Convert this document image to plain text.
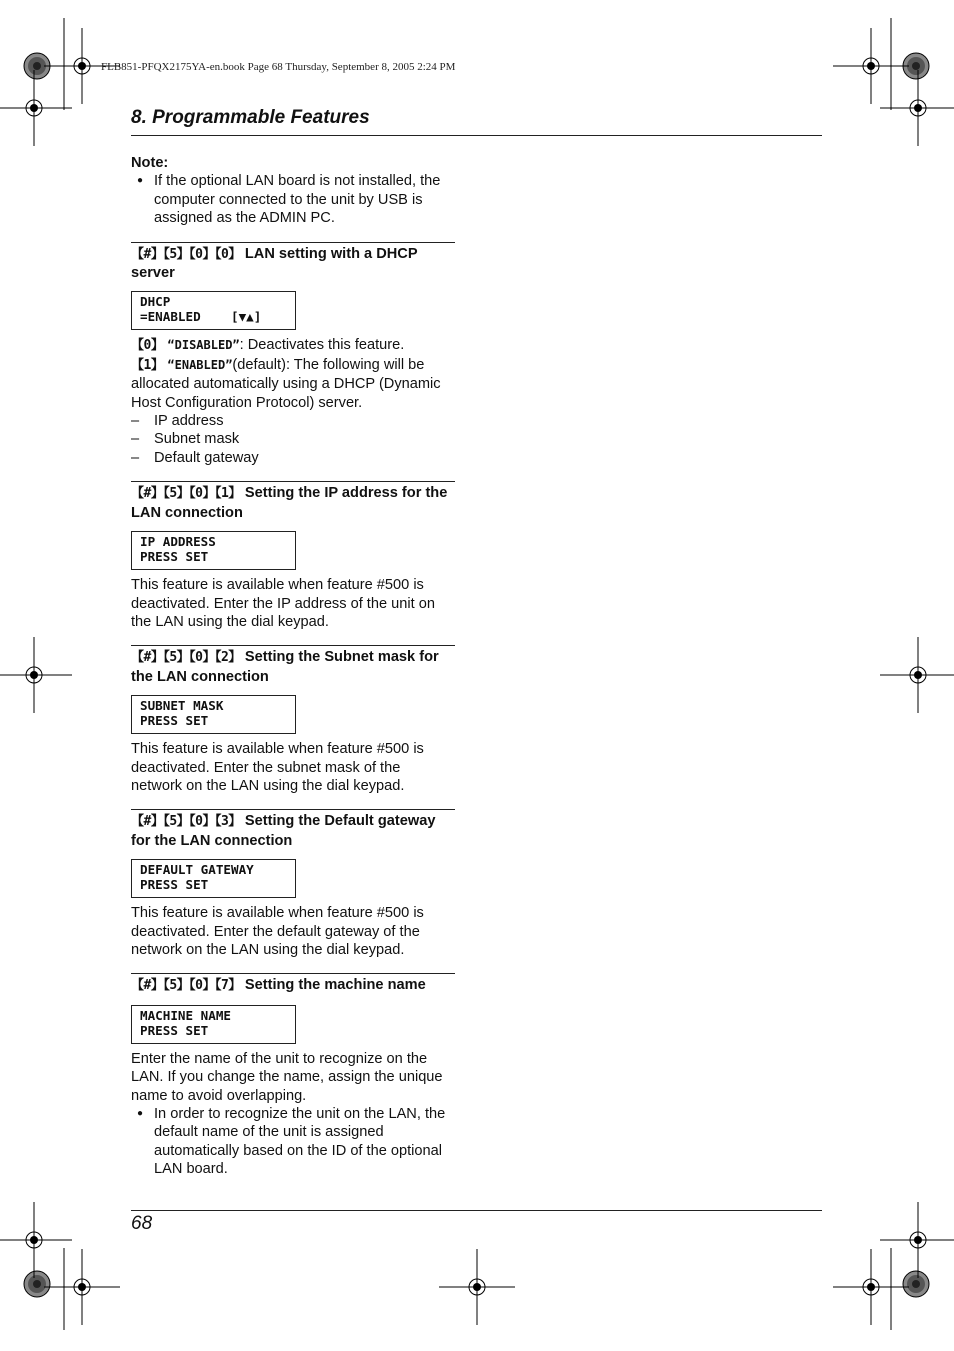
FLB851-PFQX2175YA-en.book Page 68 Thursday, September 8, 2005 2:24 PM
8. Programmable Features
Note:
● If the optional LAN board is not installed, the computer connected to the unit by USB is assigned as the ADMIN PC.
【#】【5】【0】【0】 LAN setting with a DHCP server
DHCP
=ENABLED    [▼▲]
【0】 “DISABLED”: Deactivates this feature.
【1】 “ENABLED”(default): The following will be allocated automatically using a DHCP (Dynamic Host Configuration Protocol) server.
– IP address
– Subnet mask
– Default gateway
【#】【5】【0】【1】 Setting the IP address for the LAN connection
IP ADDRESS
PRESS SET
This feature is available when feature #500 is deactivated. Enter the IP address of the unit on the LAN using the dial keypad.
【#】【5】【0】【2】 Setting the Subnet mask for the LAN connection
SUBNET MASK
PRESS SET
This feature is available when feature #500 is deactivated. Enter the subnet mask of the network on the LAN using the dial keypad.
【#】【5】【0】【3】 Setting the Default gateway for the LAN connection
DEFAULT GATEWAY
PRESS SET
This feature is available when feature #500 is deactivated. Enter the default gateway of the network on the LAN using the dial keypad.
【#】【5】【0】【7】 Setting the machine name
MACHINE NAME
PRESS SET
Enter the name of the unit to recognize on the LAN. If you change the name, assign the unique name to avoid overlapping.
● In order to recognize the unit on the LAN, the default name of the unit is assigned automatically based on the ID of the optional LAN board.
68
